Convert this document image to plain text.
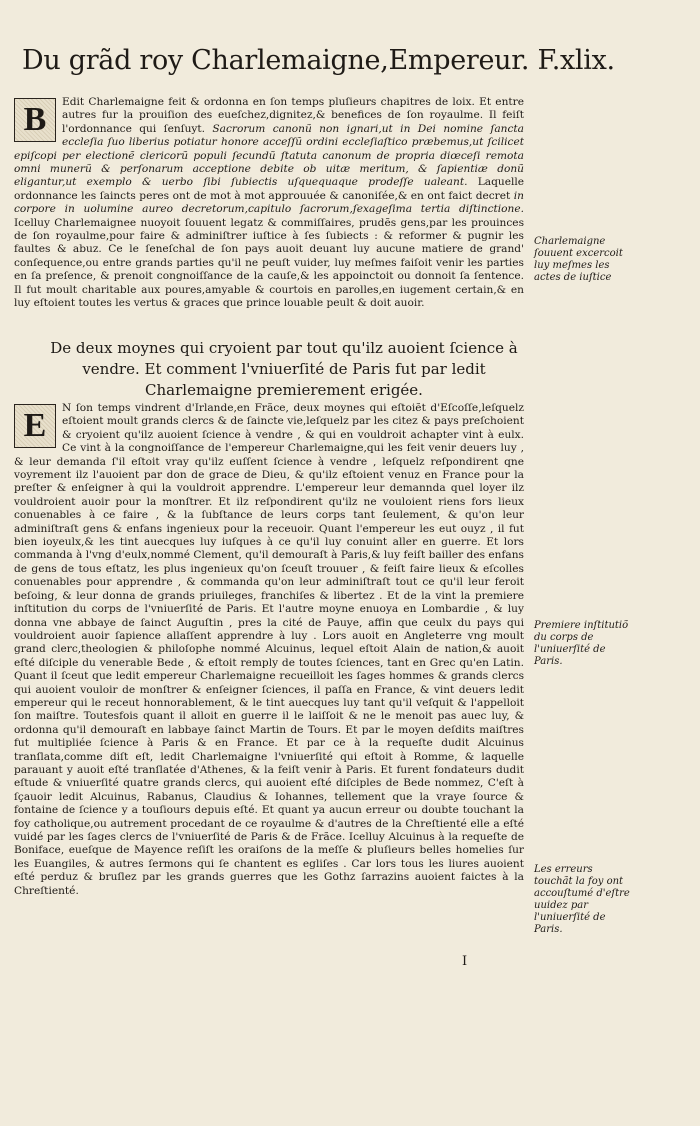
Du grãd roy Charlemaigne,Empereur. F.xlix.

B	Edit Charlemaigne feit & ordonna en ſon temps pluſieurs chapitres de loix. Et entre autres fur la prouiſion des eueſchez,dignitez,& benefices de ſon royaulme. Il feiſt l'ordonnance qui ſenſuyt. Sacrorum canonũ non ignari,ut in Dei nomine ſancta eccleſia ſuo liberius potiatur honore acceſſũ ordini eccleſiaſtico præbemus,ut ſcilicet epiſcopi per electionẽ clericorũ populi ſecundũ ſtatuta canonum de propria diœceſi remota omni munerũ & perſonarum acceptione debite ob uitæ meritum, & ſapientiæ donũ eligantur,ut exemplo & uerbo ſibi ſubiectis uſquequaque prodeſſe ualeant. Laquelle ordonnance les ſaincts peres ont de mot à mot approuuée & canoniſée,& en ont faict decret in corpore in uolumine aureo decretorum,capitulo ſacrorum,ſexageſima tertia diſtinctione. Icelluy Charlemaignee nuoyoit ſouuent legatz & commiſſaires, prudẽs gens,par les prouinces de ſon royaulme,pour faire & adminiſtrer iuſtice à ſes ſubiects : & reformer & pugnir les faultes & abuz. Ce le ſeneſchal de ſon pays auoit deuant luy aucune matiere de grand' conſequence,ou entre grands parties qu'il ne peuſt vuider, luy meſmes faiſoit venir les parties en ſa preſence, & prenoit congnoiſſance de la cauſe,& les appoinctoit ou donnoit ſa ſentence. Il fut moult charitable aux poures,amyable & courtois en parolles,en iugement certain,& en luy eſtoient toutes les vertus & graces que prince louable peult & doit auoir.

Charlemaigne ſouuent excercoit luy meſmes les actes de iuſtice
De deux moynes qui cryoient par tout qu'ilz auoient ſcience à vendre. Et comment l'vniuerſité de Paris fut par ledit Charlemaigne premierement erigée.

E	N ſon temps vindrent d'Irlande,en Frãce, deux moynes qui eſtoiẽt d'Eſcoſſe,leſquelz eſtoient moult grands clercs & de ſaincte vie,leſquelz par les citez & pays preſchoient & cryoient qu'ilz auoient ſcience à vendre , & qui en vouldroit achapter vint à eulx. Ce vint à la congnoiſſance de l'empereur Charlemaigne,qui les feit venir deuers luy , & leur demanda ſ'il eſtoit vray qu'ilz euſſent ſcience à vendre , leſquelz reſpondirent qne voyrement ilz l'auoient par don de grace de Dieu, & qu'ilz eſtoient venuz en France pour la preſter & enſeigner à qui la vouldroit apprendre. L'empereur leur demannda quel loyer ilz vouldroient auoir pour la monſtrer. Et ilz reſpondirent qu'ilz ne vouloient riens fors lieux conuenables à ce faire , & la ſubſtance de leurs corps tant ſeulement, & qu'on leur adminiſtraſt gens & enfans ingenieux pour la receuoir. Quant l'empereur les eut ouyz , il fut bien ioyeulx,& les tint auecques luy iuſques à ce qu'il luy conuint aller en guerre. Et lors commanda à l'vng d'eulx,nommé Clement, qu'il demouraſt à Paris,& luy feiſt bailler des enfans de gens de tous eſtatz, les plus ingenieux qu'on ſceuſt trouuer , & feiſt faire lieux & eſcolles conuenables pour apprendre , & commanda qu'on leur adminiſtraſt tout ce qu'il leur feroit beſoing, & leur donna de grands priuileges, franchiſes & libertez . Et de la vint la premiere inſtitution du corps de l'vniuerſité de Paris. Et l'autre moyne enuoya en Lombardie , & luy donna vne abbaye de ſainct Auguſtin , pres la cité de Pauye, affin que ceulx du pays qui vouldroient auoir ſapience allaſſent apprendre à luy . Lors auoit en Angleterre vng moult grand clerc,theologien & philoſophe nommé Alcuinus, lequel eſtoit Alain de nation,& auoit eſté diſciple du venerable Bede , & eſtoit remply de toutes ſciences, tant en Grec qu'en Latin. Quant il ſceut que ledit empereur Charlemaigne recueilloit les ſages hommes & grands clercs qui auoient vouloir de monſtrer & enſeigner ſciences, il paſſa en France, & vint deuers ledit empereur qui le receut honnorablement, & le tint auecques luy tant qu'il veſquit & l'appelloit ſon maiſtre. Toutesfois quant il alloit en guerre il le laiſſoit & ne le menoit pas auec luy, & ordonna qu'il demouraſt en labbaye ſainct Martin de Tours. Et par le moyen deſdits maiſtres fut multipliée ſcience à Paris & en France. Et par ce à la requeſte dudit Alcuinus tranſlata,comme diſt eſt, ledit Charlemaigne l'vniuerſité qui eſtoit à Romme, & laquelle parauant y auoit eſté tranſlatée d'Athenes, & la feiſt venir à Paris. Et furent fondateurs dudit eſtude & vniuerſité quatre grands clercs, qui auoient eſté diſciples de Bede nommez, C'eſt à ſçauoir ledit Alcuinus, Rabanus, Claudius & Iohannes, tellement que la vraye ſource & fontaine de ſcience y a touſiours depuis eſté. Et quant ya aucun erreur ou doubte touchant la foy catholique,ou autrement procedant de ce royaulme & d'autres de la Chreſtienté elle a eſté vuidé par les ſages clercs de l'vniuerſité de Paris & de Frãce. Icelluy Alcuinus à la requeſte de Boniface, eueſque de Mayence reſiſt les oraiſons de la meſſe & pluſieurs belles homelies ſur les Euangiles, & autres ſermons qui ſe chantent es egliſes . Car lors tous les liures auoient eſté perduz & bruſlez par les grands guerres que les Gothz ſarrazins auoient faictes à la Chreſtienté.

Premiere inſtitutiõ du corps de l'uniuerſité de Paris.
Les erreurs touchãt la foy ont accouſtumé d'eſtre uuidez par l'uniuerſité de Paris.
I
